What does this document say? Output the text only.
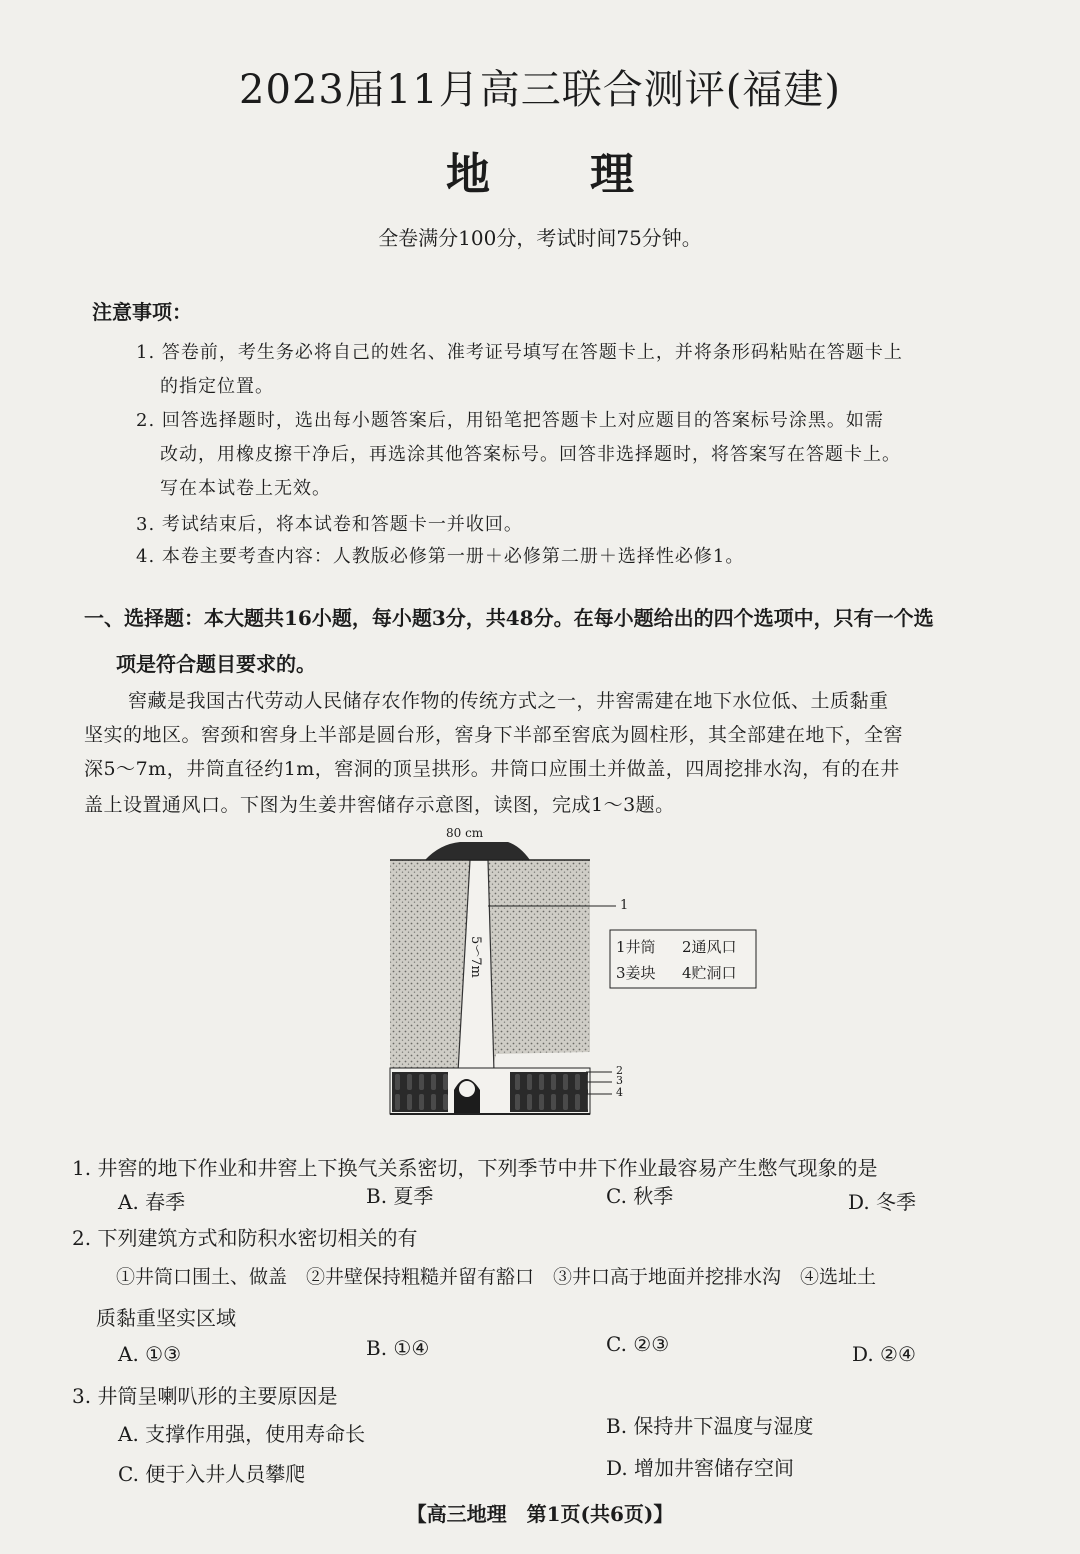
2023届11月高三联合测评(福建)
地理
全卷满分100分，考试时间75分钟。
注意事项：
1. 答卷前，考生务必将自己的姓名、准考证号填写在答题卡上，并将条形码粘贴在答题卡上
的指定位置。
2. 回答选择题时，选出每小题答案后，用铅笔把答题卡上对应题目的答案标号涂黑。如需
改动，用橡皮擦干净后，再选涂其他答案标号。回答非选择题时，将答案写在答题卡上。
写在本试卷上无效。
3. 考试结束后，将本试卷和答题卡一并收回。
4. 本卷主要考查内容：人教版必修第一册＋必修第二册＋选择性必修1。
一、选择题：本大题共16小题，每小题3分，共48分。在每小题给出的四个选项中，只有一个选
项是符合题目要求的。
窖藏是我国古代劳动人民储存农作物的传统方式之一，井窖需建在地下水位低、土质黏重
坚实的地区。窖颈和窖身上半部是圆台形，窖身下半部至窖底为圆柱形，其全部建在地下，全窖
深5～7m，井筒直径约1m，窖洞的顶呈拱形。井筒口应围土并做盖，四周挖排水沟，有的在井
盖上设置通风口。下图为生姜井窖储存示意图，读图，完成1～3题。
80 cm
5～7m
1
2
3
4
1井筒 2通风口
3姜块 4贮洞口
1. 井窖的地下作业和井窖上下换气关系密切，下列季节中井下作业最容易产生憋气现象的是
A. 春季	B. 夏季	C. 秋季	D. 冬季
2. 下列建筑方式和防积水密切相关的有
①井筒口围土、做盖　②井壁保持粗糙并留有豁口　③井口高于地面并挖排水沟　④选址土
质黏重坚实区域
A. ①③	B. ①④	C. ②③	D. ②④
3. 井筒呈喇叭形的主要原因是
A. 支撑作用强，使用寿命长	B. 保持井下温度与湿度
C. 便于入井人员攀爬	D. 增加井窖储存空间
【高三地理　第1页(共6页)】
